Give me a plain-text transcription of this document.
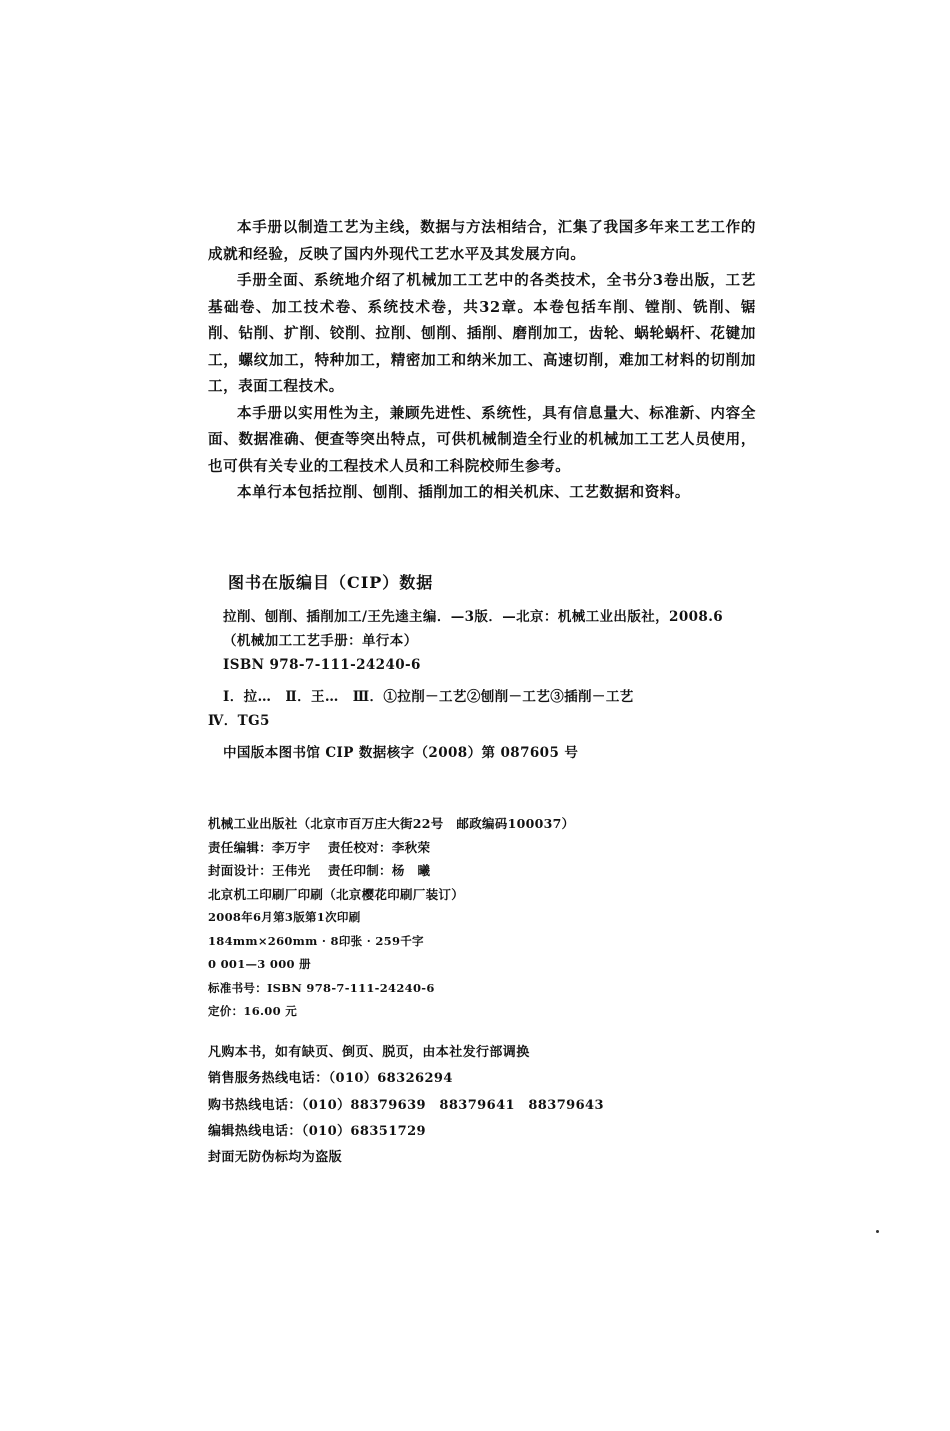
本手册以制造工艺为主线，数据与方法相结合，汇集了我国多年来工艺工作的成就和经验，反映了国内外现代工艺水平及其发展方向。

手册全面、系统地介绍了机械加工工艺中的各类技术，全书分3卷出版，工艺基础卷、加工技术卷、系统技术卷，共32章。本卷包括车削、镗削、铣削、锯削、钻削、扩削、铰削、拉削、刨削、插削、磨削加工，齿轮、蜗轮蜗杆、花键加工，螺纹加工，特种加工，精密加工和纳米加工、高速切削，难加工材料的切削加工，表面工程技术。

本手册以实用性为主，兼顾先进性、系统性，具有信息量大、标准新、内容全面、数据准确、便查等突出特点，可供机械制造全行业的机械加工工艺人员使用，也可供有关专业的工程技术人员和工科院校师生参考。

本单行本包括拉削、刨削、插削加工的相关机床、工艺数据和资料。

图书在版编目（CIP）数据
拉削、刨削、插削加工/王先逵主编．—3版．—北京：机械工业出版社，2008.6
（机械加工工艺手册：单行本）
ISBN 978-7-111-24240-6
Ⅰ．拉…　Ⅱ．王…　Ⅲ．①拉削－工艺②刨削－工艺③插削－工艺
Ⅳ．TG5
中国版本图书馆 CIP 数据核字（2008）第 087605 号
机械工业出版社（北京市百万庄大街22号　邮政编码100037）
责任编辑：李万宇　 责任校对：李秋荣
封面设计：王伟光　 责任印制：杨　曦
北京机工印刷厂印刷（北京樱花印刷厂装订）
2008年6月第3版第1次印刷
184mm×260mm · 8印张 · 259千字
0 001—3 000 册
标准书号：ISBN 978-7-111-24240-6
定价：16.00 元
凡购本书，如有缺页、倒页、脱页，由本社发行部调换
销售服务热线电话：（010）68326294
购书热线电话：（010）88379639　88379641　88379643
编辑热线电话：（010）68351729
封面无防伪标均为盗版
